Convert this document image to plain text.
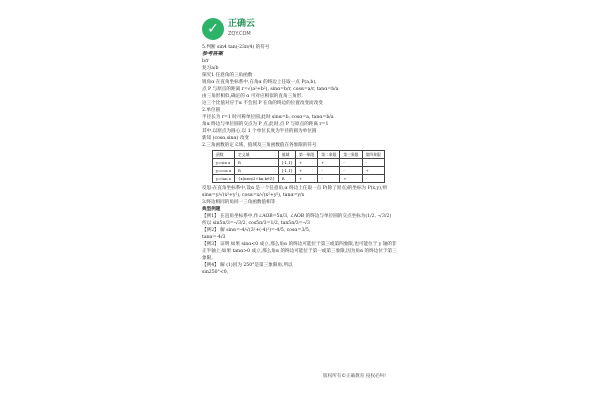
✓	正确云
ZQY.COM
5.判断 sin4 tan(-23π/4) 的符号
参考答案
b/r
复习a/b
探究1 任意角的三角函数
锐角α 在直角坐标系中,在角α 的终边上任取一点 P(a,b),
点 P 与原点的距离 r=√(a²+b²), sinα=b/r, cosα=a/r, tanα=b/a
由三角形相似,确定的 α 可对应相似的直角三角形,
这三个比值对应于α 不会因 P 在角的终边的位置改变而改变
2.单位圆
半径长为 r=1 时可称单位圆,此时 sinα=b, cosα=a, tanα=b/a
角α 终边与单位圆的交点为 P 点,此时,点 P 与原点的距离 r=1
其中,以原点为圆心,以 1 个单位长度为半径的圆为单位圆
新知 (cosα,sinα) 改变
2.三角函数的定义域、值域及三角函数值在各象限的符号
函数	定义域	值域	第一象限	第二象限	第三象限	第四象限
y=sin x	R	[-1,1]	+	+	-	-
y=cos x	R	[-1,1]	+	-	-	+
y=tan x	{x|x≠π/2+kπ,k∈Z}	R	+	-	+	-
反思:在直角坐标系中,设α 是一个任意角,α 终边上任取一点 P(除了原点)的坐标为 P(x,y),则
sinα=y/√(x²+y²), cosα=x/√(x²+y²), tanα=y/x
3.终边相同的角同一三角函数值相等
典型例题
【例1】 在直角坐标系中,作∠AOB=5π/3, ∠AOB 的终边与单位圆的交点坐标为(1/2, -√3/2)
所以 sin5π/3=-√3/2, cos5π/3=1/2, tan5π/3=-√3
【例2】 解 sinα=-4/√(3²+(-4)²)=-4/5, cosα=3/5,
tanα=-4/3
【例3】 证明 如果 sinα<0 成立,那么角α 的终边可能位于第三或第四象限,也可能位于 y 轴的非正半轴上;如果 tanα>0 成立,那么角α 的终边可能位于第一或第三象限,因为角α 的终边位于第三象限,
【例4】 解 (1)因为 250°是第三象限角,所以
sin250°<0,
版权所有©正确教育 侵权必纠!
